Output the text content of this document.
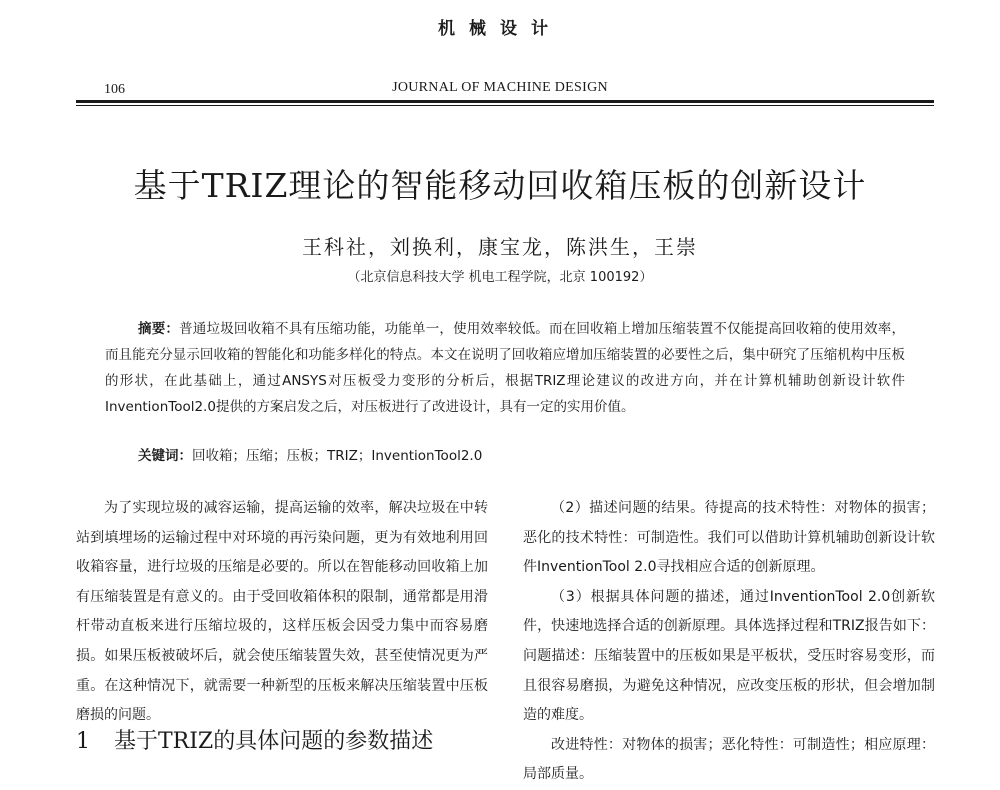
机械设计
106	JOURNAL OF MACHINE DESIGN
基于TRIZ理论的智能移动回收箱压板的创新设计
王科社，刘换利，康宝龙，陈洪生，王崇
（北京信息科技大学 机电工程学院，北京 100192）
摘要：普通垃圾回收箱不具有压缩功能，功能单一，使用效率较低。而在回收箱上增加压缩装置不仅能提高回收箱的使用效率，而且能充分显示回收箱的智能化和功能多样化的特点。本文在说明了回收箱应增加压缩装置的必要性之后，集中研究了压缩机构中压板的形状，在此基础上，通过ANSYS对压板受力变形的分析后，根据TRIZ理论建议的改进方向，并在计算机辅助创新设计软件InventionTool2.0提供的方案启发之后，对压板进行了改进设计，具有一定的实用价值。
关键词：回收箱；压缩；压板；TRIZ；InventionTool2.0

为了实现垃圾的减容运输，提高运输的效率，解决垃圾在中转站到填埋场的运输过程中对环境的再污染问题，更为有效地利用回收箱容量，进行垃圾的压缩是必要的。所以在智能移动回收箱上加有压缩装置是有意义的。由于受回收箱体积的限制，通常都是用滑杆带动直板来进行压缩垃圾的，这样压板会因受力集中而容易磨损。如果压板被破坏后，就会使压缩装置失效，甚至使情况更为严重。在这种情况下，就需要一种新型的压板来解决压缩装置中压板磨损的问题。

1 基于TRIZ的具体问题的参数描述

（2）描述问题的结果。待提高的技术特性：对物体的损害；恶化的技术特性：可制造性。我们可以借助计算机辅助创新设计软件InventionTool 2.0寻找相应合适的创新原理。

（3）根据具体问题的描述，通过InventionTool 2.0创新软件，快速地选择合适的创新原理。具体选择过程和TRIZ报告如下：问题描述：压缩装置中的压板如果是平板状，受压时容易变形，而且很容易磨损，为避免这种情况，应改变压板的形状，但会增加制造的难度。

改进特性：对物体的损害；恶化特性：可制造性；相应原理：局部质量。
